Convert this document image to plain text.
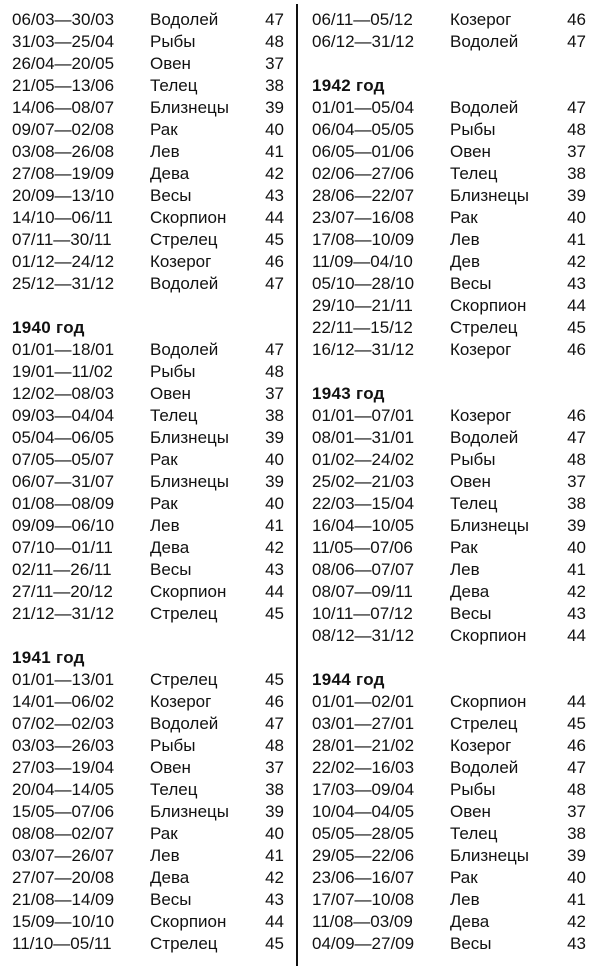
06/03—30/03	Водолей	47
31/03—25/04	Рыбы	48
26/04—20/05	Овен	37
21/05—13/06	Телец	38
14/06—08/07	Близнецы	39
09/07—02/08	Рак	40
03/08—26/08	Лев	41
27/08—19/09	Дева	42
20/09—13/10	Весы	43
14/10—06/11	Скорпион	44
07/11—30/11	Стрелец	45
01/12—24/12	Козерог	46
25/12—31/12	Водолей	47
1940 год
01/01—18/01	Водолей	47
19/01—11/02	Рыбы	48
12/02—08/03	Овен	37
09/03—04/04	Телец	38
05/04—06/05	Близнецы	39
07/05—05/07	Рак	40
06/07—31/07	Близнецы	39
01/08—08/09	Рак	40
09/09—06/10	Лев	41
07/10—01/11	Дева	42
02/11—26/11	Весы	43
27/11—20/12	Скорпион	44
21/12—31/12	Стрелец	45
1941 год
01/01—13/01	Стрелец	45
14/01—06/02	Козерог	46
07/02—02/03	Водолей	47
03/03—26/03	Рыбы	48
27/03—19/04	Овен	37
20/04—14/05	Телец	38
15/05—07/06	Близнецы	39
08/08—02/07	Рак	40
03/07—26/07	Лев	41
27/07—20/08	Дева	42
21/08—14/09	Весы	43
15/09—10/10	Скорпион	44
11/10—05/11	Стрелец	45
06/11—05/12	Козерог	46
06/12—31/12	Водолей	47
1942 год
01/01—05/04	Водолей	47
06/04—05/05	Рыбы	48
06/05—01/06	Овен	37
02/06—27/06	Телец	38
28/06—22/07	Близнецы	39
23/07—16/08	Рак	40
17/08—10/09	Лев	41
11/09—04/10	Дев	42
05/10—28/10	Весы	43
29/10—21/11	Скорпион	44
22/11—15/12	Стрелец	45
16/12—31/12	Козерог	46
1943 год
01/01—07/01	Козерог	46
08/01—31/01	Водолей	47
01/02—24/02	Рыбы	48
25/02—21/03	Овен	37
22/03—15/04	Телец	38
16/04—10/05	Близнецы	39
11/05—07/06	Рак	40
08/06—07/07	Лев	41
08/07—09/11	Дева	42
10/11—07/12	Весы	43
08/12—31/12	Скорпион	44
1944 год
01/01—02/01	Скорпион	44
03/01—27/01	Стрелец	45
28/01—21/02	Козерог	46
22/02—16/03	Водолей	47
17/03—09/04	Рыбы	48
10/04—04/05	Овен	37
05/05—28/05	Телец	38
29/05—22/06	Близнецы	39
23/06—16/07	Рак	40
17/07—10/08	Лев	41
11/08—03/09	Дева	42
04/09—27/09	Весы	43
